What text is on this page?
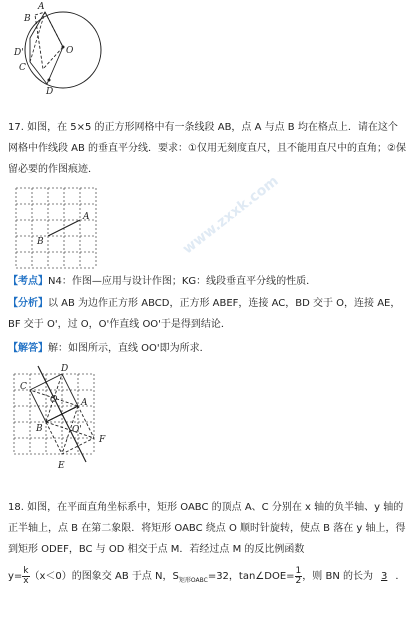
A
B
D'	O
C
D
17. 如图，在 5×5 的正方形网格中有一条线段 AB，点 A 与点 B 均在格点上．请在这个网格中作线段 AB 的垂直平分线．要求：①仅用无刻度直尺，且不能用直尺中的直角；②保留必要的作图痕迹．
A
B
【考点】N4：作图—应用与设计作图；KG：线段垂直平分线的性质．
【分析】以 AB 为边作正方形 ABCD，正方形 ABEF，连接 AC，BD 交于 O，连接 AE，BF 交于 O'，过 O，O'作直线 OO'于是得到结论．
【解答】解：如图所示，直线 OO'即为所求．
D
C
O	A
O'
B
F
E
18. 如图，在平面直角坐标系中，矩形 OABC 的顶点 A、C 分别在 x 轴的负半轴、y 轴的正半轴上，点 B 在第二象限．将矩形 OABC 绕点 O 顺时针旋转，使点 B 落在 y 轴上，得到矩形 ODEF，BC 与 OD 相交于点 M．若经过点 M 的反比例函数
$y= \frac{k}{x} (x<0)$的图象交 AB 于点 N，$S_{矩形OABC}=32$，tan∠DOE= $\frac{1}{2}$ ，则 BN 的长为 3 ．
www.zxxk.com
